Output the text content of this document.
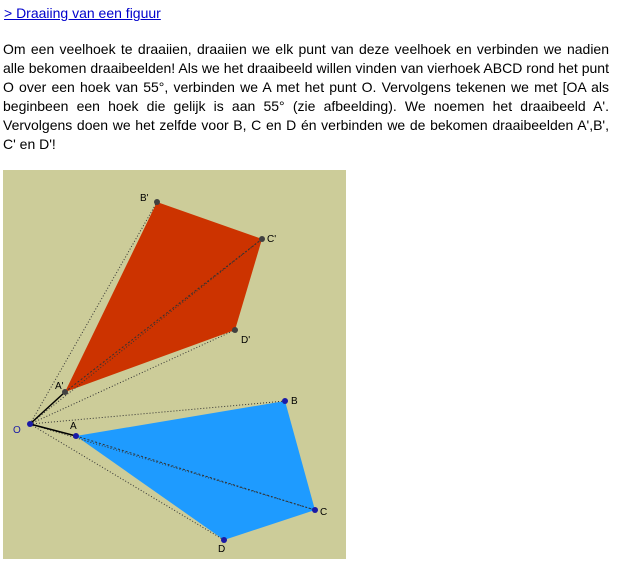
> Draaiing van een figuur

Om een veelhoek te draaiien, draaiien we elk punt van deze veelhoek en verbinden we nadien alle bekomen draaibeelden! Als we het draaibeeld willen vinden van vierhoek ABCD rond het punt O over een hoek van 55°, verbinden we A met het punt O. Vervolgens tekenen we met [OA als beginbeen een hoek die gelijk is aan 55° (zie afbeelding). We noemen het draaibeeld A'. Vervolgens doen we het zelfde voor B, C en D én verbinden we de bekomen draaibeelden A',B', C' en D'!

O	A
B
C
D
A'
B'
C'
D'
